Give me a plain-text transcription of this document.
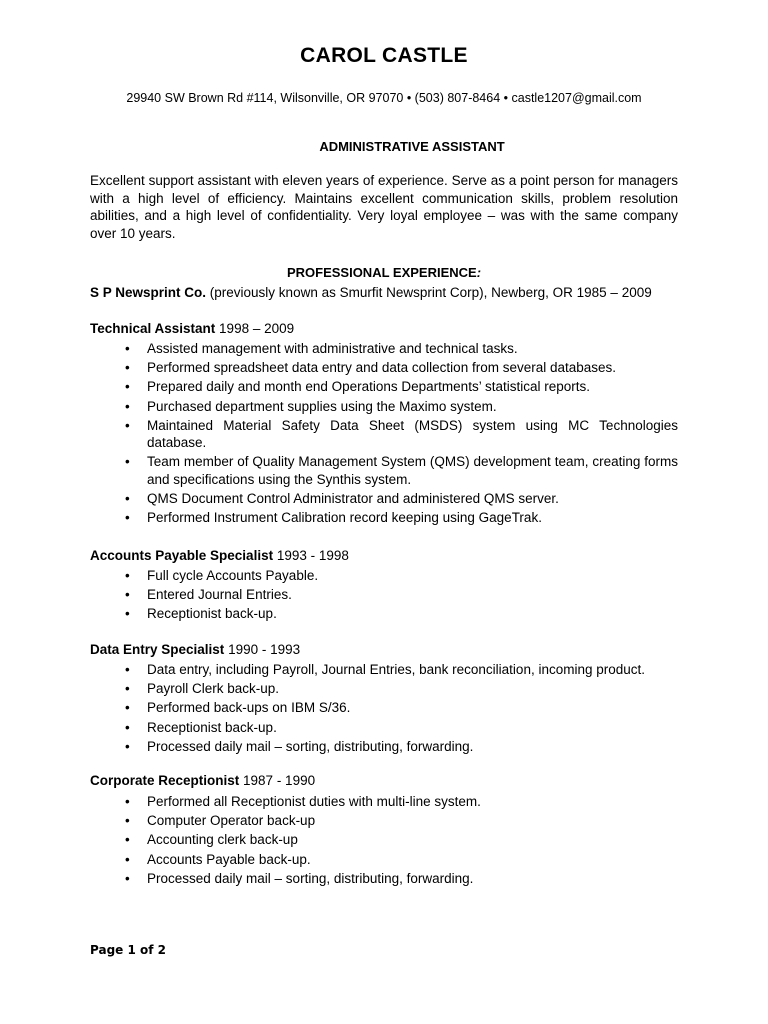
CAROL CASTLE
29940 SW Brown Rd #114, Wilsonville, OR 97070 • (503) 807-8464 • castle1207@gmail.com
ADMINISTRATIVE ASSISTANT
Excellent support assistant with eleven years of experience. Serve as a point person for managers with a high level of efficiency. Maintains excellent communication skills, problem resolution abilities, and a high level of confidentiality. Very loyal employee – was with the same company over 10 years.
PROFESSIONAL EXPERIENCE:
S P Newsprint Co. (previously known as Smurfit Newsprint Corp), Newberg, OR 1985 – 2009
Technical Assistant 1998 – 2009
• Assisted management with administrative and technical tasks.
• Performed spreadsheet data entry and data collection from several databases.
• Prepared daily and month end Operations Departments’ statistical reports.
• Purchased department supplies using the Maximo system.
• Maintained Material Safety Data Sheet (MSDS) system using MC Technologies database.
• Team member of Quality Management System (QMS) development team, creating forms and specifications using the Synthis system.
• QMS Document Control Administrator and administered QMS server.
• Performed Instrument Calibration record keeping using GageTrak.
Accounts Payable Specialist 1993 - 1998
• Full cycle Accounts Payable.
• Entered Journal Entries.
• Receptionist back-up.
Data Entry Specialist 1990 - 1993
• Data entry, including Payroll, Journal Entries, bank reconciliation, incoming product.
• Payroll Clerk back-up.
• Performed back-ups on IBM S/36.
• Receptionist back-up.
• Processed daily mail – sorting, distributing, forwarding.
Corporate Receptionist 1987 - 1990
• Performed all Receptionist duties with multi-line system.
• Computer Operator back-up
• Accounting clerk back-up
• Accounts Payable back-up.
• Processed daily mail – sorting, distributing, forwarding.
Page 1 of 2
